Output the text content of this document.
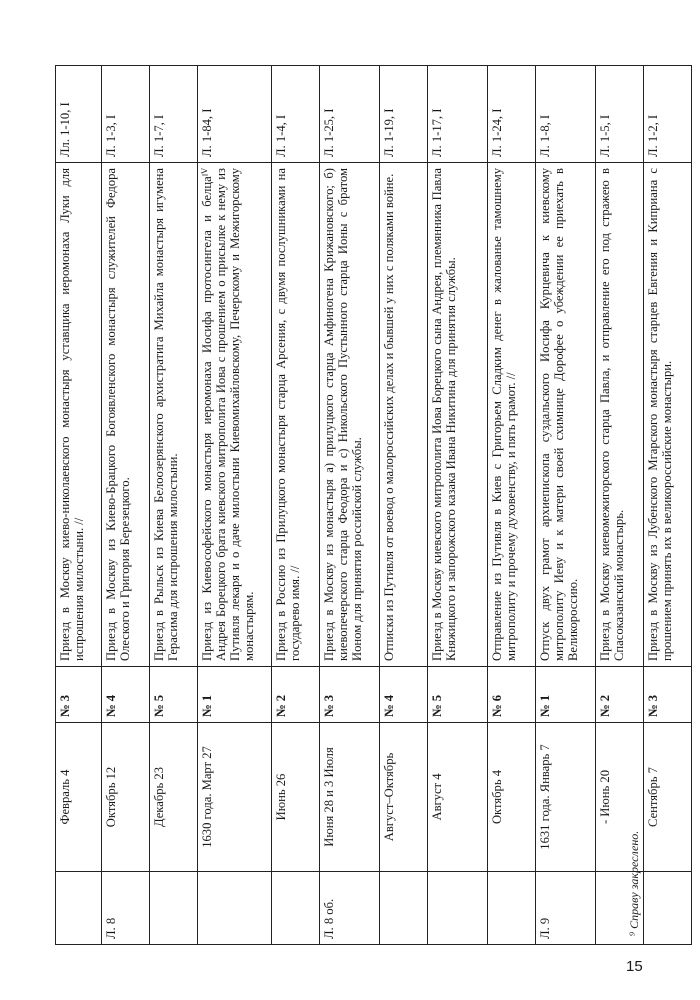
	Февраль 4	№ 3	Приезд в Москву киево-николаевского монастыря уставщика иеромонаха Луки для испрошения милостыни. //	Лл. 1-10, I
Л. 8	Октябрь 12	№ 4	Приезд в Москву из Киево-Брацкого Богоявленского монастыря служителей Федора Олеского и Григория Березецкого.	Л. 1-3, I
	Декабрь 23	№ 5	Приезд в Рыльск из Киева Белоозерянского архистратига Михайла монастыря игумена Герасима для испрошения милостыни.	Л. 1-7, I
	1630 года. Март 27	№ 1	Приезд из Киевософейского монастыря иеромонаха Иосифа протосингела и белцаᴵⱽ Андрея Борецкого брата киевского митрополита Иова с прошением о присылке к нему из Путивля лекаря и о даче милостыни Киевомихайловскому, Печерскому и Межигорскому монастырям.	Л. 1-84, I
	Июнь 26	№ 2	Приезд в Россию из Прилуцкого монастыря старца Арсения, с двумя послушниками на государево имя. //	Л. 1-4, I
Л. 8 об.	Июня 28 и 3 Июля	№ 3	Приезд в Москву из монастыря а) прилуцкого старца Амфиногена Крижановского; б) киевопечерского старца Феодора и с) Никольского Пустынного старца Ионы с братом Ионом для принятия российской службы.	Л. 1-25, I
	Август–Октябрь	№ 4	Отписки из Путивля от воевод о малороссийских делах и бывшей у них с поляками войне.	Л. 1-19, I
	Август 4	№ 5	Приезд в Москву киевского митрополита Иова Борецкого сына Андрея, племянника Павла Княжицкого и запорожского казака Ивана Никитина для принятия службы.	Л. 1-17, I
	Октябрь 4	№ 6	Отправление из Путивля в Киев с Григорьем Сладким денег в жалованье тамошнему митрополиту и прочему духовенству, и пять грамот. //	Л. 1-24, I
Л. 9	1631 года. Январь 7	№ 1	Отпуск двух грамот архиепископа суздальского Иосифа Курцевича к киевскому митрополиту Иеву и к матери своей схимнице Дорофее о убеждении ее приехать в Великороссию.	Л. 1-8, I
	- Июнь 20	№ 2	Приезд в Москву киевомежигорского старца Павла, и отправление его под стражею в Спасоказанский монастырь.	Л. 1-5, I
	Сентябрь 7	№ 3	Приезд в Москву из Лубенского Мгарского монастыря старцев Евгения и Киприана с прошением принять их в великороссийские монастыри.	Л. 1-2, I
⁹ Справу закреслено.
15
